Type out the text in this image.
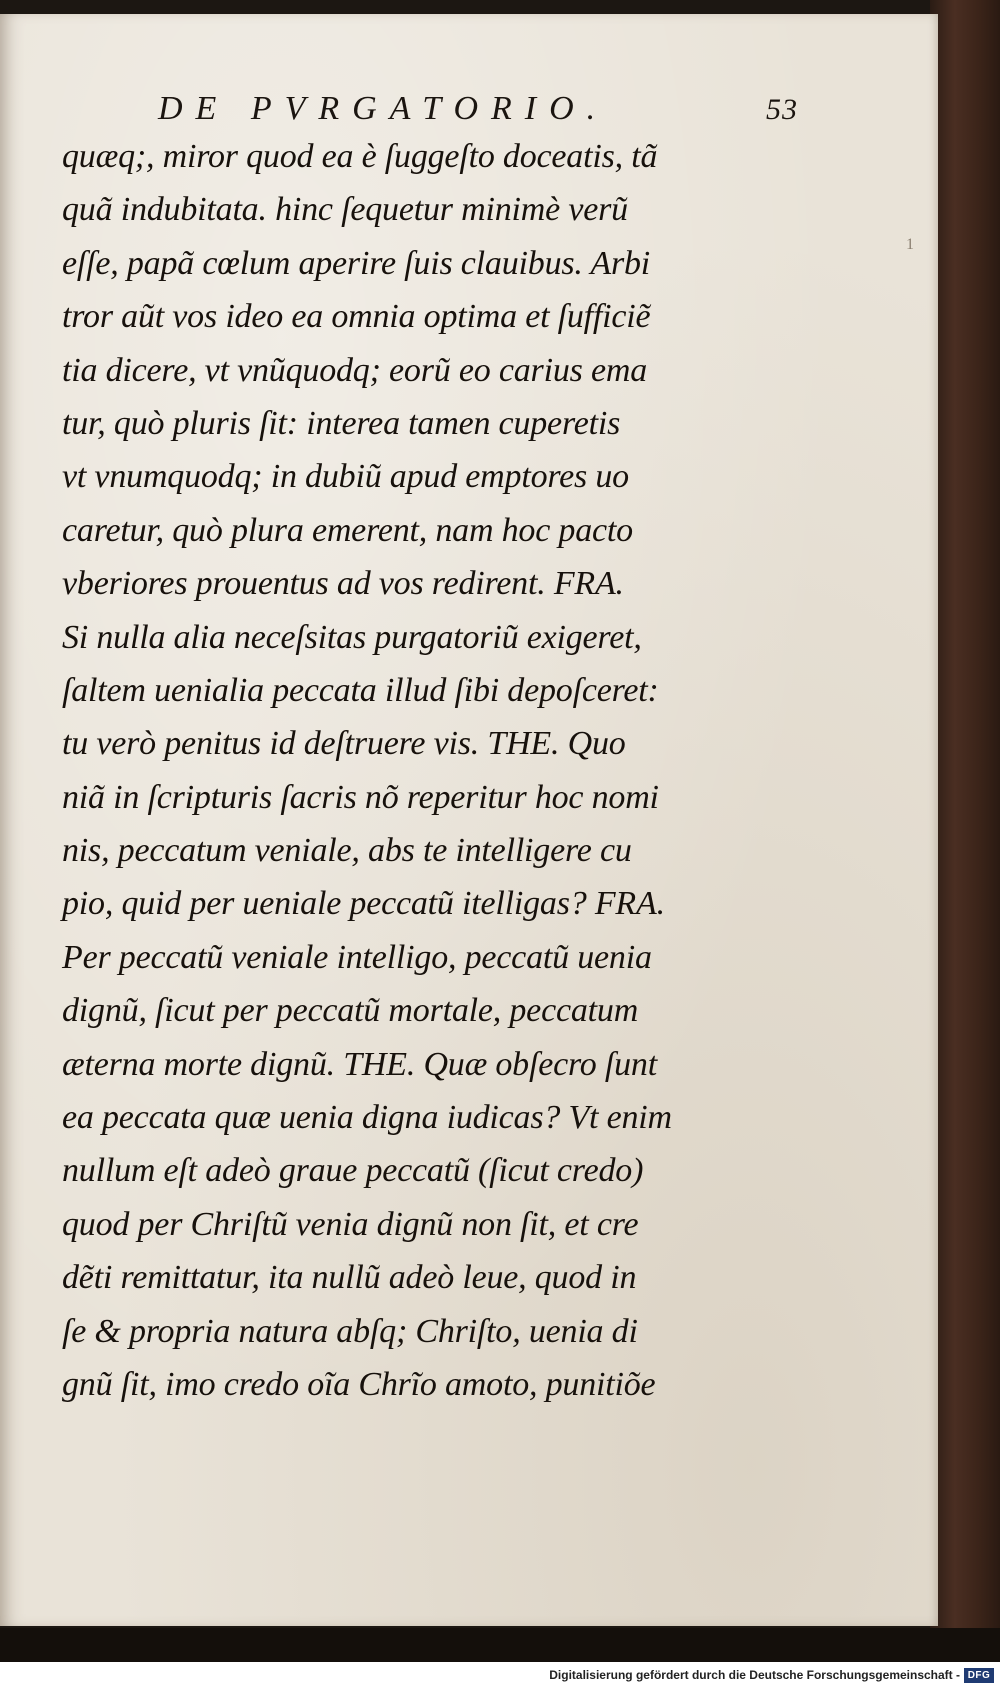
DE PVRGATORIO.	53
1
quæq;, miror quod ea è ſuggeſto doceatis, tã
quã indubitata. hinc ſequetur minimè verũ
eſſe, papã cœlum aperire ſuis clauibus. Arbi
tror aũt vos ideo ea omnia optima et ſufficiẽ
tia dicere, vt vnũquodq; eorũ eo carius ema
tur, quò pluris ſit: interea tamen cuperetis
vt vnumquodq; in dubiũ apud emptores uo
caretur, quò plura emerent, nam hoc pacto
vberiores prouentus ad vos redirent. FRA.
Si nulla alia neceſsitas purgatoriũ exigeret,
ſaltem uenialia peccata illud ſibi depoſceret:
tu verò penitus id deſtruere vis. THE. Quo
niã in ſcripturis ſacris nõ reperitur hoc nomi
nis, peccatum veniale, abs te intelligere cu
pio, quid per ueniale peccatũ itelligas? FRA.
Per peccatũ veniale intelligo, peccatũ uenia
dignũ, ſicut per peccatũ mortale, peccatum
æterna morte dignũ. THE. Quæ obſecro ſunt
ea peccata quæ uenia digna iudicas? Vt enim
nullum eſt adeò graue peccatũ (ſicut credo)
quod per Chriſtũ venia dignũ non ſit, et cre
dẽti remittatur, ita nullũ adeò leue, quod in
ſe & propria natura abſq; Chriſto, uenia di
gnũ ſit, imo credo oĩa Chrĩo amoto, punitiõe
Digitalisierung gefördert durch die Deutsche Forschungsgemeinschaft - DFG
